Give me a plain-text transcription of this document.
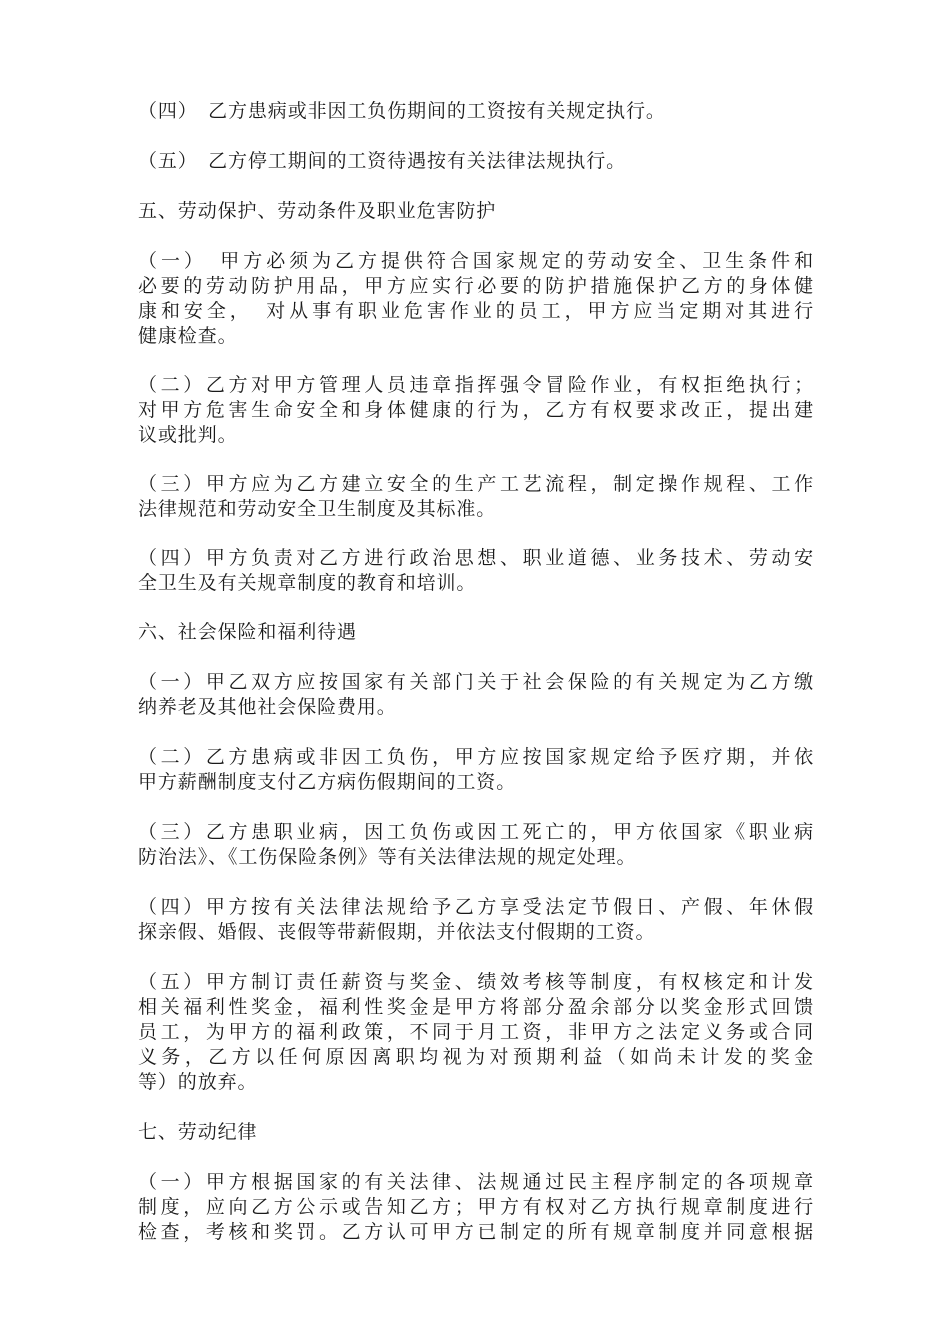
（四）　乙方患病或非因工负伤期间的工资按有关规定执行。
（五）　乙方停工期间的工资待遇按有关法律法规执行。
五、劳动保护、劳动条件及职业危害防护
（一）　甲方必须为乙方提供符合国家规定的劳动安全、卫生条件和
必要的劳动防护用品，甲方应实行必要的防护措施保护乙方的身体健
康和安全，　对从事有职业危害作业的员工，甲方应当定期对其进行
健康检查。
（二）乙方对甲方管理人员违章指挥强令冒险作业，有权拒绝执行；
对甲方危害生命安全和身体健康的行为，乙方有权要求改正，提出建
议或批判。
（三）甲方应为乙方建立安全的生产工艺流程，制定操作规程、工作
法律规范和劳动安全卫生制度及其标准。
（四）甲方负责对乙方进行政治思想、职业道德、业务技术、劳动安
全卫生及有关规章制度的教育和培训。
六、社会保险和福利待遇
（一）甲乙双方应按国家有关部门关于社会保险的有关规定为乙方缴
纳养老及其他社会保险费用。
（二）乙方患病或非因工负伤，甲方应按国家规定给予医疗期，并依
甲方薪酬制度支付乙方病伤假期间的工资。
（三）乙方患职业病，因工负伤或因工死亡的，甲方依国家《职业病
防治法》、《工伤保险条例》等有关法律法规的规定处理。
（四）甲方按有关法律法规给予乙方享受法定节假日、产假、年休假
探亲假、婚假、丧假等带薪假期，并依法支付假期的工资。
（五）甲方制订责任薪资与奖金、绩效考核等制度，有权核定和计发
相关福利性奖金，福利性奖金是甲方将部分盈余部分以奖金形式回馈
员工，为甲方的福利政策，不同于月工资，非甲方之法定义务或合同
义务，乙方以任何原因离职均视为对预期利益（如尚未计发的奖金
等）的放弃。
七、劳动纪律
（一）甲方根据国家的有关法律、法规通过民主程序制定的各项规章
制度，应向乙方公示或告知乙方；甲方有权对乙方执行规章制度进行
检查，考核和奖罚。乙方认可甲方已制定的所有规章制度并同意根据
